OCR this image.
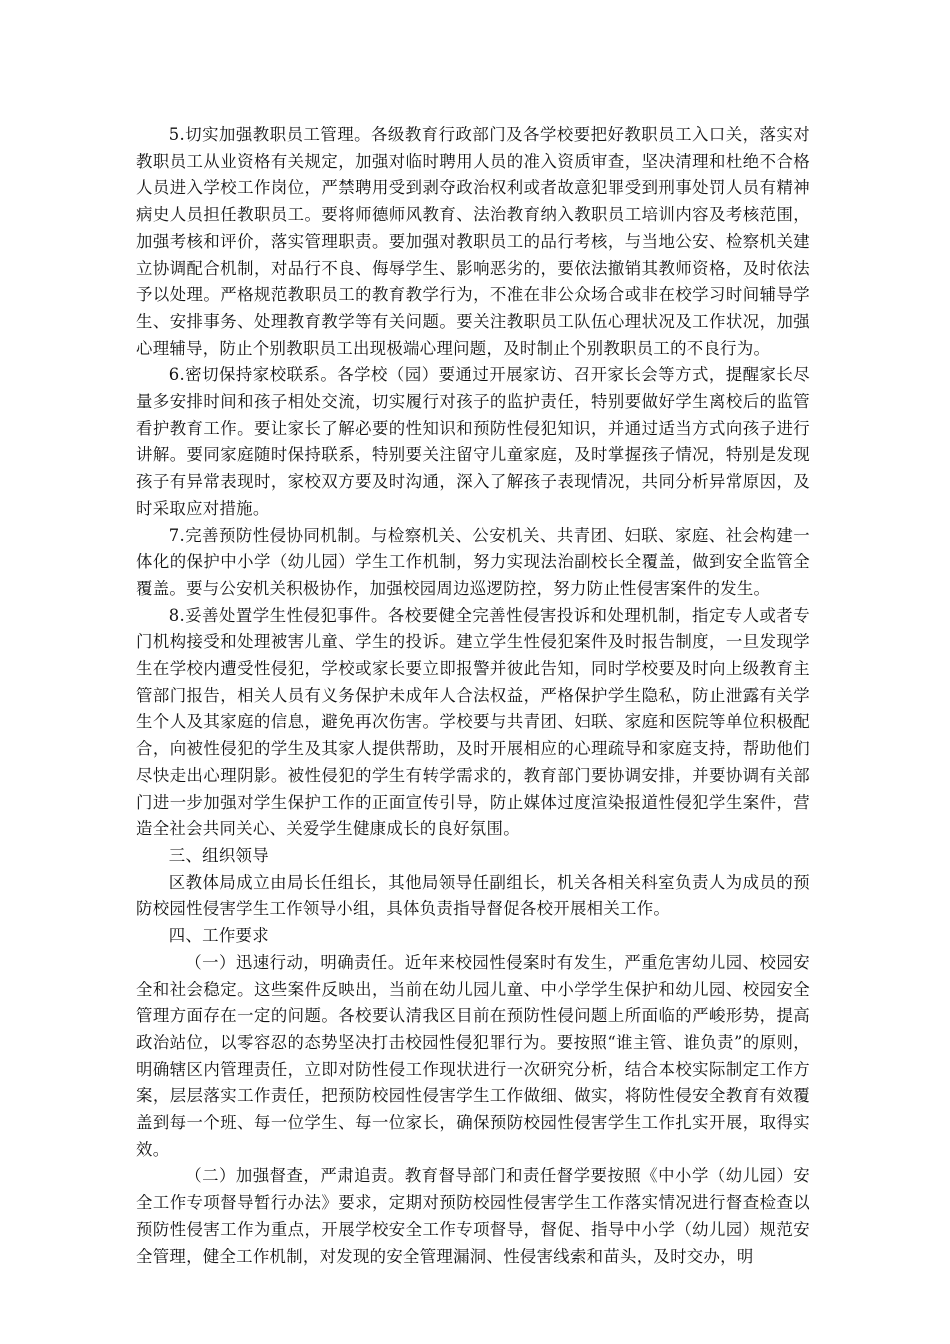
5.切实加强教职员工管理。各级教育行政部门及各学校要把好教职员工入口关，落实对教职员工从业资格有关规定，加强对临时聘用人员的准入资质审查，坚决清理和杜绝不合格人员进入学校工作岗位，严禁聘用受到剥夺政治权利或者故意犯罪受到刑事处罚人员有精神病史人员担任教职员工。要将师德师风教育、法治教育纳入教职员工培训内容及考核范围，加强考核和评价，落实管理职责。要加强对教职员工的品行考核，与当地公安、检察机关建立协调配合机制，对品行不良、侮辱学生、影响恶劣的，要依法撤销其教师资格，及时依法予以处理。严格规范教职员工的教育教学行为，不准在非公众场合或非在校学习时间辅导学生、安排事务、处理教育教学等有关问题。要关注教职员工队伍心理状况及工作状况，加强心理辅导，防止个别教职员工出现极端心理问题，及时制止个别教职员工的不良行为。

6.密切保持家校联系。各学校（园）要通过开展家访、召开家长会等方式，提醒家长尽量多安排时间和孩子相处交流，切实履行对孩子的监护责任，特别要做好学生离校后的监管看护教育工作。要让家长了解必要的性知识和预防性侵犯知识，并通过适当方式向孩子进行讲解。要同家庭随时保持联系，特别要关注留守儿童家庭，及时掌握孩子情况，特别是发现孩子有异常表现时，家校双方要及时沟通，深入了解孩子表现情况，共同分析异常原因，及时采取应对措施。

7.完善预防性侵协同机制。与检察机关、公安机关、共青团、妇联、家庭、社会构建一体化的保护中小学（幼儿园）学生工作机制，努力实现法治副校长全覆盖，做到安全监管全覆盖。要与公安机关积极协作，加强校园周边巡逻防控，努力防止性侵害案件的发生。

8.妥善处置学生性侵犯事件。各校要健全完善性侵害投诉和处理机制，指定专人或者专门机构接受和处理被害儿童、学生的投诉。建立学生性侵犯案件及时报告制度，一旦发现学生在学校内遭受性侵犯，学校或家长要立即报警并彼此告知，同时学校要及时向上级教育主管部门报告，相关人员有义务保护未成年人合法权益，严格保护学生隐私，防止泄露有关学生个人及其家庭的信息，避免再次伤害。学校要与共青团、妇联、家庭和医院等单位积极配合，向被性侵犯的学生及其家人提供帮助，及时开展相应的心理疏导和家庭支持，帮助他们尽快走出心理阴影。被性侵犯的学生有转学需求的，教育部门要协调安排，并要协调有关部门进一步加强对学生保护工作的正面宣传引导，防止媒体过度渲染报道性侵犯学生案件，营造全社会共同关心、关爱学生健康成长的良好氛围。

三、组织领导

区教体局成立由局长任组长，其他局领导任副组长，机关各相关科室负责人为成员的预防校园性侵害学生工作领导小组，具体负责指导督促各校开展相关工作。

四、工作要求

（一）迅速行动，明确责任。近年来校园性侵案时有发生，严重危害幼儿园、校园安全和社会稳定。这些案件反映出，当前在幼儿园儿童、中小学学生保护和幼儿园、校园安全管理方面存在一定的问题。各校要认清我区目前在预防性侵问题上所面临的严峻形势，提高政治站位，以零容忍的态势坚决打击校园性侵犯罪行为。要按照“谁主管、谁负责”的原则，明确辖区内管理责任，立即对防性侵工作现状进行一次研究分析，结合本校实际制定工作方案，层层落实工作责任，把预防校园性侵害学生工作做细、做实，将防性侵安全教育有效覆盖到每一个班、每一位学生、每一位家长，确保预防校园性侵害学生工作扎实开展，取得实效。

（二）加强督查，严肃追责。教育督导部门和责任督学要按照《中小学（幼儿园）安全工作专项督导暂行办法》要求，定期对预防校园性侵害学生工作落实情况进行督查检查以预防性侵害工作为重点，开展学校安全工作专项督导，督促、指导中小学（幼儿园）规范安全管理，健全工作机制，对发现的安全管理漏洞、性侵害线索和苗头，及时交办，明
